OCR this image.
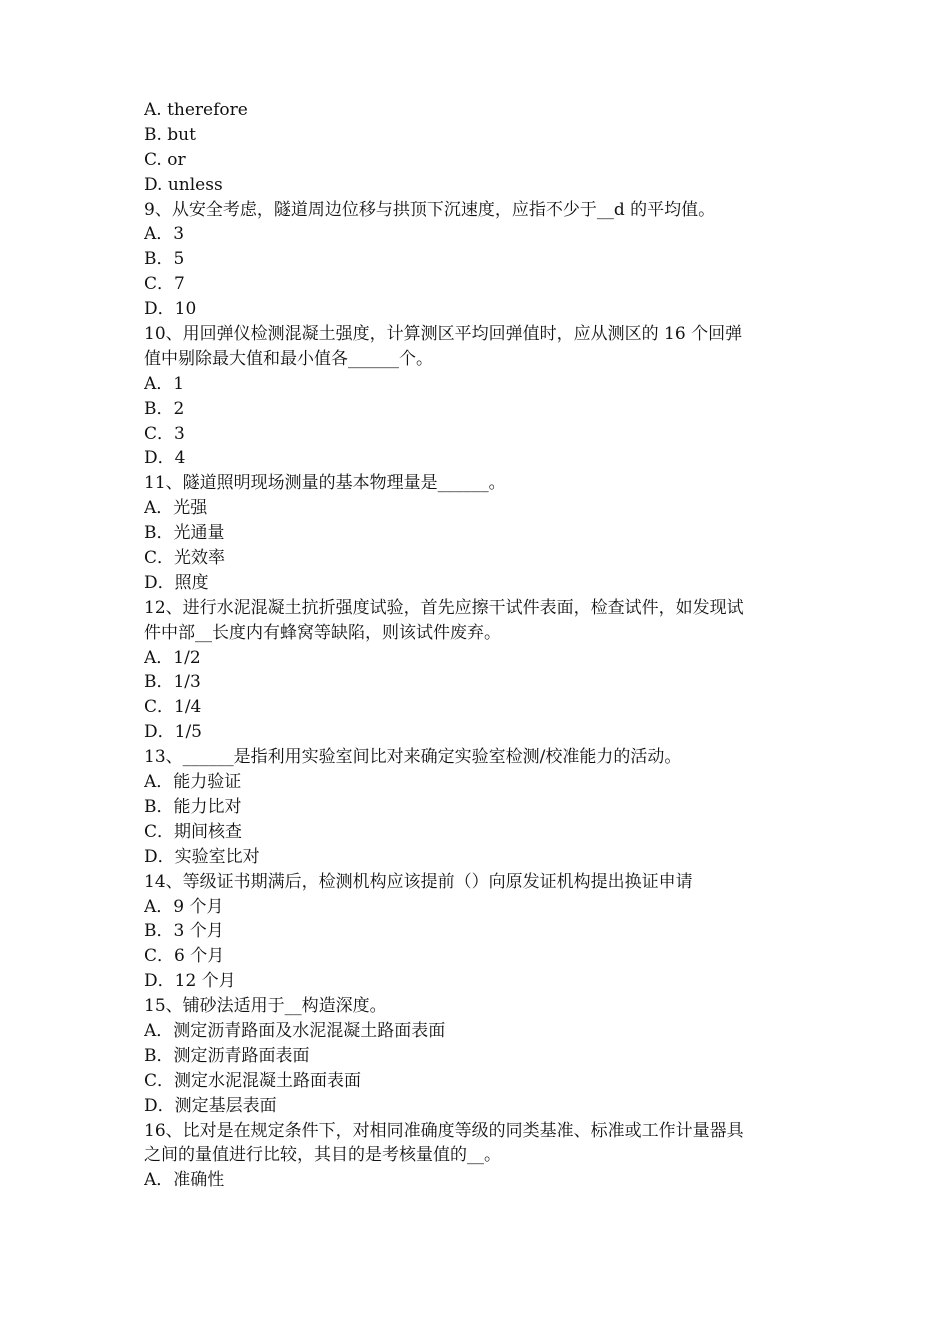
A. therefore
B. but
C. or
D. unless
9、从安全考虑，隧道周边位移与拱顶下沉速度，应指不少于__d 的平均值。
A．3
B．5
C．7
D．10
10、用回弹仪检测混凝土强度，计算测区平均回弹值时，应从测区的 16 个回弹
值中剔除最大值和最小值各______个。
A．1
B．2
C．3
D．4
11、隧道照明现场测量的基本物理量是______。
A．光强
B．光通量
C．光效率
D．照度
12、进行水泥混凝土抗折强度试验，首先应擦干试件表面，检查试件，如发现试
件中部__长度内有蜂窝等缺陷，则该试件废弃。
A．1/2
B．1/3
C．1/4
D．1/5
13、______是指利用实验室间比对来确定实验室检测/校准能力的活动。
A．能力验证
B．能力比对
C．期间核查
D．实验室比对
14、等级证书期满后，检测机构应该提前（）向原发证机构提出换证申请
A．9 个月
B．3 个月
C．6 个月
D．12 个月
15、铺砂法适用于__构造深度。
A．测定沥青路面及水泥混凝土路面表面
B．测定沥青路面表面
C．测定水泥混凝土路面表面
D．测定基层表面
16、比对是在规定条件下，对相同准确度等级的同类基准、标准或工作计量器具
之间的量值进行比较，其目的是考核量值的__。
A．准确性
